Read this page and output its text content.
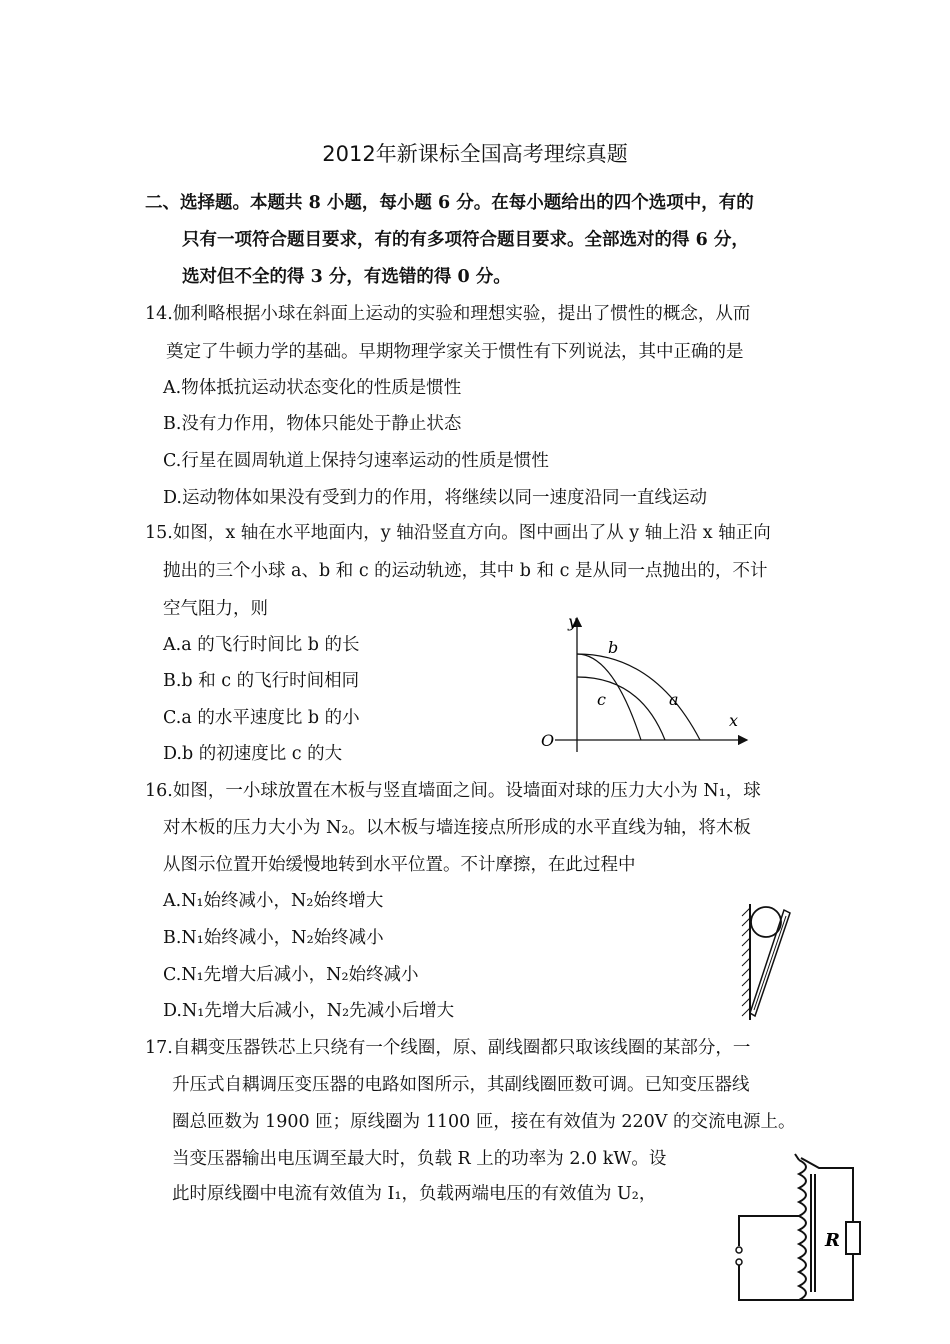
2012年新课标全国高考理综真题
二、选择题。本题共 8 小题，每小题 6 分。在每小题给出的四个选项中，有的
只有一项符合题目要求，有的有多项符合题目要求。全部选对的得 6 分，
选对但不全的得 3 分，有选错的得 0 分。
14.伽利略根据小球在斜面上运动的实验和理想实验，提出了惯性的概念，从而
奠定了牛顿力学的基础。早期物理学家关于惯性有下列说法，其中正确的是
A.物体抵抗运动状态变化的性质是惯性
B.没有力作用，物体只能处于静止状态
C.行星在圆周轨道上保持匀速率运动的性质是惯性
D.运动物体如果没有受到力的作用，将继续以同一速度沿同一直线运动
15.如图，x 轴在水平地面内，y 轴沿竖直方向。图中画出了从 y 轴上沿 x 轴正向
抛出的三个小球 a、b 和 c 的运动轨迹，其中 b 和 c 是从同一点抛出的，不计
空气阻力，则
A.a 的飞行时间比 b 的长
B.b 和 c 的飞行时间相同
C.a 的水平速度比 b 的小
D.b 的初速度比 c 的大
y
x
O
b
c	a
16.如图，一小球放置在木板与竖直墙面之间。设墙面对球的压力大小为 N₁，球
对木板的压力大小为 N₂。以木板与墙连接点所形成的水平直线为轴，将木板
从图示位置开始缓慢地转到水平位置。不计摩擦，在此过程中
A.N₁始终减小，N₂始终增大
B.N₁始终减小，N₂始终减小
C.N₁先增大后减小，N₂始终减小
D.N₁先增大后减小，N₂先减小后增大
17.自耦变压器铁芯上只绕有一个线圈，原、副线圈都只取该线圈的某部分，一
升压式自耦调压变压器的电路如图所示，其副线圈匝数可调。已知变压器线
圈总匝数为 1900 匝；原线圈为 1100 匝，接在有效值为 220V 的交流电源上。
当变压器输出电压调至最大时，负载 R 上的功率为 2.0 kW。设
此时原线圈中电流有效值为 I₁，负载两端电压的有效值为 U₂，
R
